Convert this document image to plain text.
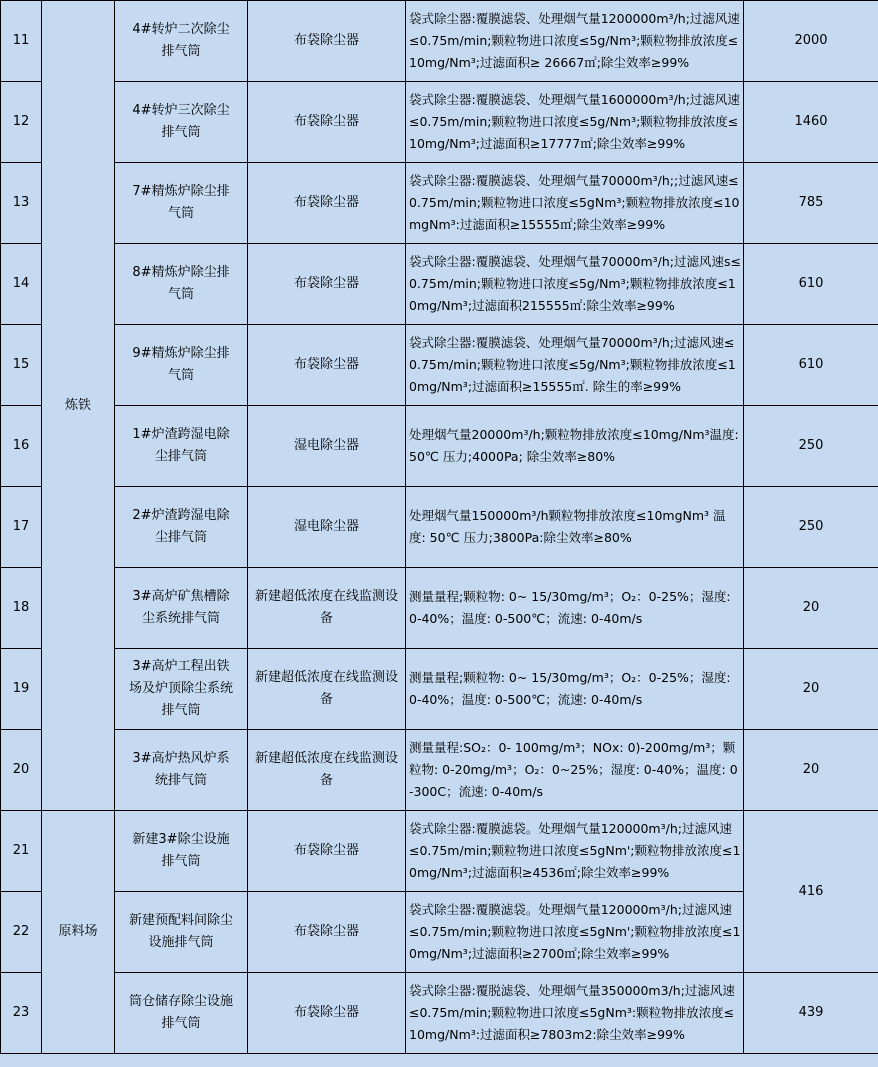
11	炼铁	4#转炉二次除尘排气筒	布袋除尘器	袋式除尘器:覆膜滤袋、处理烟气量1200000m³/h;过滤风速≤0.75m/min;颗粒物进口浓度≤5g/Nm³;颗粒物排放浓度≤10mg/Nm³;过滤面积≥ 26667㎡;除尘效率≥99%	2000
12		4#转炉三次除尘排气筒	布袋除尘器	袋式除尘器:覆膜滤袋、处理烟气量1600000m³/h;过滤风速≤0.75m/min;颗粒物进口浓度≤5g/Nm³;颗粒物排放浓度≤10mg/Nm³;过滤面积≥17777㎡;除尘效率≥99%	1460
13		7#精炼炉除尘排气筒	布袋除尘器	袋式除尘器:覆膜滤袋、处理烟气量70000m³/h;;过滤风速≤0.75m/min;颗粒物进口浓度≤5gNm³;颗粒物排放浓度≤10mgNm³:过滤面积≥15555㎡;除尘效率≥99%	785
14		8#精炼炉除尘排气筒	布袋除尘器	袋式除尘器:覆膜滤袋、处理烟气量70000m³/h;过滤风速s≤0.75m/min;颗粒物进口浓度≤5g/Nm³;颗粒物排放浓度≤10mg/Nm³;过滤面积215555㎡:除尘效率≥99%	610
15		9#精炼炉除尘排气筒	布袋除尘器	袋式除尘器:覆膜滤袋、处理烟气量70000m³/h;过滤风速≤0.75m/min;颗粒物进口浓度≤5g/Nm³;颗粒物排放浓度≤10mg/Nm³;过滤面积≥15555㎡. 除生的率≥99%	610
16		1#炉渣跨湿电除尘排气筒	湿电除尘器	处理烟气量20000m³/h;颗粒物排放浓度≤10mg/Nm³温度: 50℃ 压力;4000Pa; 除尘效率≥80%	250
17		2#炉渣跨湿电除尘排气筒	湿电除尘器	处理烟气量150000m³/h颗粒物排放浓度≤10mgNm³ 温度: 50℃ 压力;3800Pa:除尘效率≥80%	250
18		3#高炉矿焦槽除尘系统排气筒	新建超低浓度在线监测设备	测量量程;颗粒物: 0~ 15/30mg/m³；O₂：0-25%；湿度: 0-40%；温度: 0-500℃；流速: 0-40m/s	20
19		3#高炉工程出铁场及炉顶除尘系统排气筒	新建超低浓度在线监测设备	测量量程;颗粒物: 0~ 15/30mg/m³；O₂：0-25%；湿度: 0-40%；温度: 0-500℃；流速: 0-40m/s	20
20		3#高炉热风炉系统排气筒	新建超低浓度在线监测设备	测量量程:SO₂：0- 100mg/m³；NOx: 0)-200mg/m³；颗粒物: 0-20mg/m³；O₂：0~25%；湿度: 0-40%；温度: 0-300C；流速: 0-40m/s	20
21	原料场	新建3#除尘设施排气筒	布袋除尘器	袋式除尘器:覆膜滤袋。处理烟气量120000m³/h;过滤风速≤0.75m/min;颗粒物进口浓度≤5gNm';颗粒物排放浓度≤10mg/Nm³;过滤面积≥4536㎡;除尘效率≥99%	416
22		新建预配料间除尘设施排气筒	布袋除尘器	袋式除尘器:覆膜滤袋。处理烟气量120000m³/h;过滤风速≤0.75m/min;颗粒物进口浓度≤5gNm';颗粒物排放浓度≤10mg/Nm³;过滤面积≥2700㎡;除尘效率≥99%	
23		筒仓储存除尘设施排气筒	布袋除尘器	袋式除尘器:覆脱滤袋、处理烟气量350000m3/h;过滤风速≤0.75m/min;颗粒物进口浓度≤5gNm³:颗粒物排放浓度≤10mg/Nm³:过滤面积≥7803m2:除尘效率≥99%	439
